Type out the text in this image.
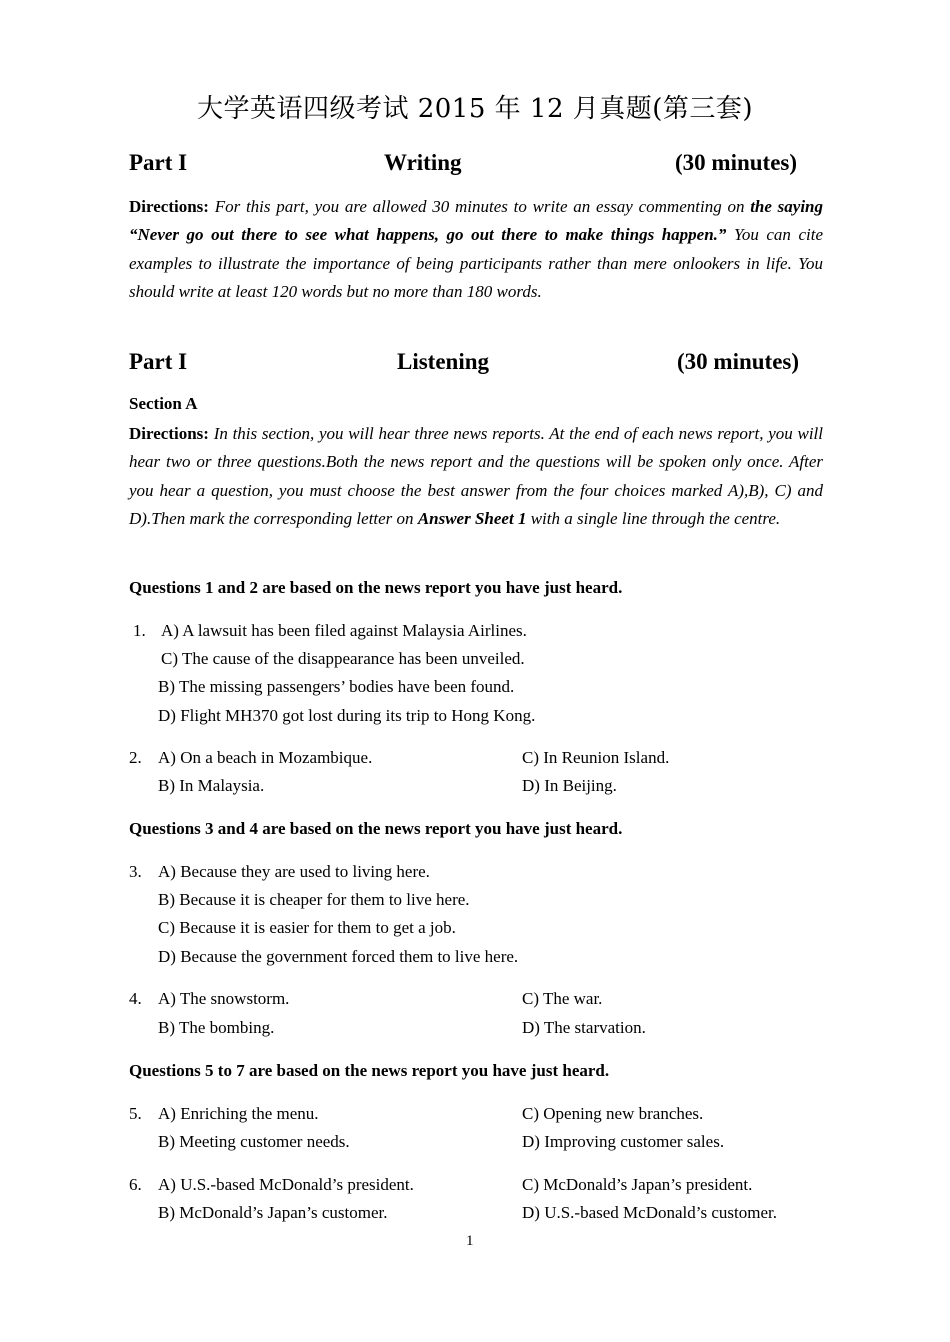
大学英语四级考试 2015 年 12 月真题(第三套)
Part I	Writing	(30 minutes)
Directions: For this part, you are allowed 30 minutes to write an essay commenting on the saying “Never go out there to see what happens, go out there to make things happen.” You can cite examples to illustrate the importance of being participants rather than mere onlookers in life. You should write at least 120 words but no more than 180 words.
Part I	Listening	(30 minutes)
Section A
Directions: In this section, you will hear three news reports. At the end of each news report, you will hear two or three questions.Both the news report and the questions will be spoken only once. After you hear a question, you must choose the best answer from the four choices marked A),B), C) and D).Then mark the corresponding letter on Answer Sheet 1 with a single line through the centre.
Questions 1 and 2 are based on the news report you have just heard.
1. A) A lawsuit has been filed against Malaysia Airlines.
C) The cause of the disappearance has been unveiled.
B) The missing passengers’ bodies have been found.
D) Flight MH370 got lost during its trip to Hong Kong.
2. A) On a beach in Mozambique.	C) In Reunion Island.
B) In Malaysia.	D) In Beijing.
Questions 3 and 4 are based on the news report you have just heard.
3. A) Because they are used to living here.
B) Because it is cheaper for them to live here.
C) Because it is easier for them to get a job.
D) Because the government forced them to live here.
4. A) The snowstorm.	C) The war.
B) The bombing.	D) The starvation.
Questions 5 to 7 are based on the news report you have just heard.
5. A) Enriching the menu.	C) Opening new branches.
B) Meeting customer needs.	D) Improving customer sales.
6. A) U.S.-based McDonald’s president.	C) McDonald’s Japan’s president.
B) McDonald’s Japan’s customer.	D) U.S.-based McDonald’s customer.
1
